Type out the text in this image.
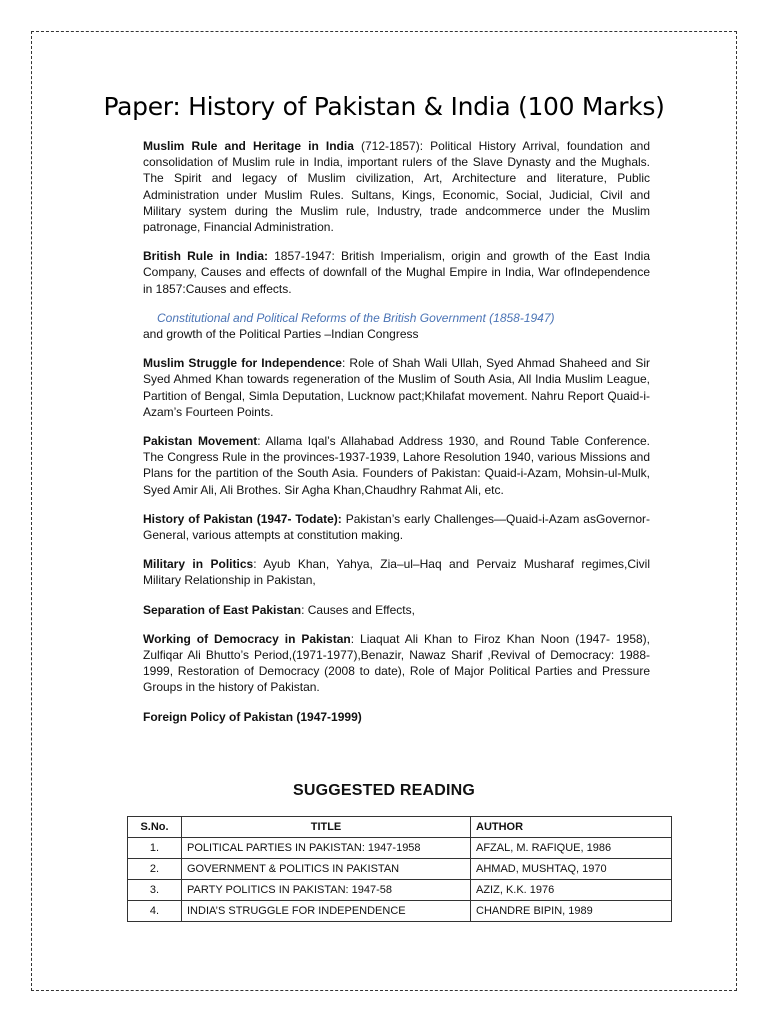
Paper: History of Pakistan & India (100 Marks)

Muslim Rule and Heritage in India (712-1857): Political History Arrival, foundation and consolidation of Muslim rule in India, important rulers of the Slave Dynasty and the Mughals. The Spirit and legacy of Muslim civilization, Art, Architecture and literature, Public Administration under Muslim Rules. Sultans, Kings, Economic, Social, Judicial, Civil and Military system during the Muslim rule, Industry, trade andcommerce under the Muslim patronage, Financial Administration.

British Rule in India: 1857-1947: British Imperialism, origin and growth of the East India Company, Causes and effects of downfall of the Mughal Empire in India, War ofIndependence in 1857:Causes and effects.

Constitutional and Political Reforms of the British Government (1858-1947)

and growth of the Political Parties –Indian Congress

Muslim Struggle for Independence: Role of Shah Wali Ullah, Syed Ahmad Shaheed and Sir Syed Ahmed Khan towards regeneration of the Muslim of South Asia, All India Muslim League, Partition of Bengal, Simla Deputation, Lucknow pact;Khilafat movement. Nahru Report Quaid-i-Azam’s Fourteen Points.

Pakistan Movement: Allama Iqal’s Allahabad Address 1930, and Round Table Conference. The Congress Rule in the provinces-1937-1939, Lahore Resolution 1940, various Missions and Plans for the partition of the South Asia. Founders of Pakistan: Quaid-i-Azam, Mohsin-ul-Mulk, Syed Amir Ali, Ali Brothes. Sir Agha Khan,Chaudhry Rahmat Ali, etc.

History of Pakistan (1947- Todate): Pakistan’s early Challenges—Quaid-i-Azam asGovernor-General, various attempts at constitution making.

Military in Politics: Ayub Khan, Yahya, Zia–ul–Haq and Pervaiz Musharaf regimes,Civil Military Relationship in Pakistan,

Separation of East Pakistan: Causes and Effects,

Working of Democracy in Pakistan: Liaquat Ali Khan to Firoz Khan Noon (1947- 1958), Zulfiqar Ali Bhutto’s Period,(1971-1977),Benazir, Nawaz Sharif ,Revival of Democracy: 1988-1999, Restoration of Democracy (2008 to date), Role of Major Political Parties and Pressure Groups in the history of Pakistan.

Foreign Policy of Pakistan (1947-1999)

SUGGESTED READING
S.No.	TITLE	AUTHOR
1.	POLITICAL PARTIES IN PAKISTAN: 1947-1958	AFZAL, M. RAFIQUE, 1986
2.	GOVERNMENT & POLITICS IN PAKISTAN	AHMAD, MUSHTAQ, 1970
3.	PARTY POLITICS IN PAKISTAN: 1947-58	AZIZ, K.K. 1976
4.	INDIA’S STRUGGLE FOR INDEPENDENCE	CHANDRE BIPIN, 1989
